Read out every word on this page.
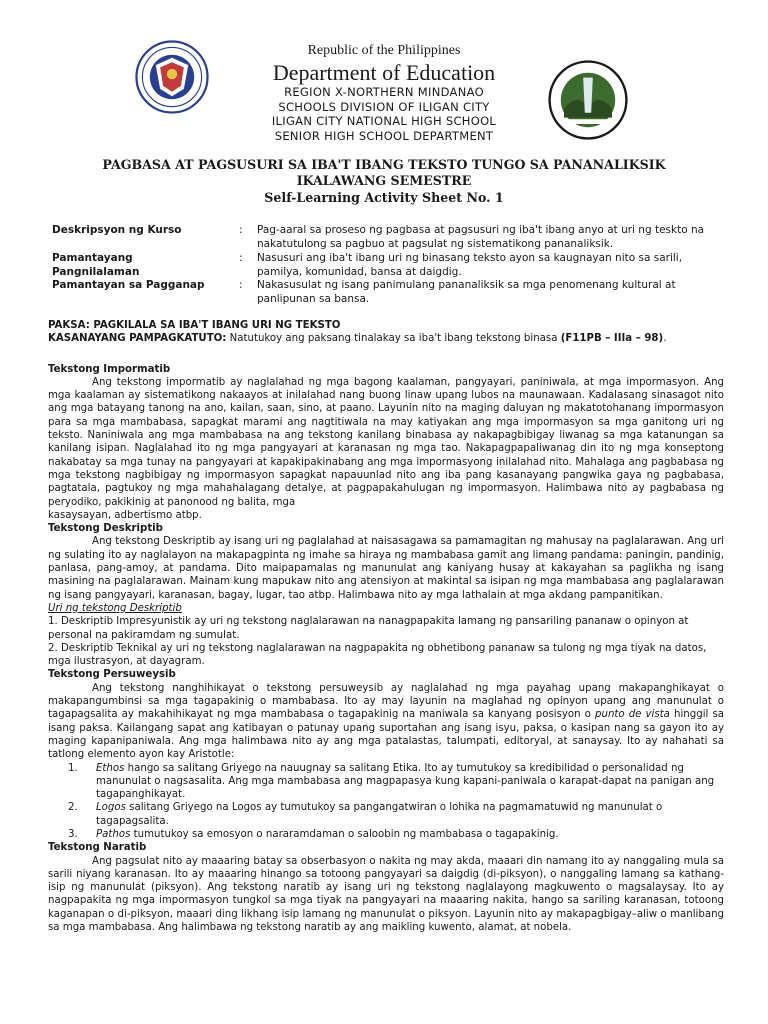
Republic of the Philippines
Department of Education
REGION X-NORTHERN MINDANAO
SCHOOLS DIVISION OF ILIGAN CITY
ILIGAN CITY NATIONAL HIGH SCHOOL
SENIOR HIGH SCHOOL DEPARTMENT
PAGBASA AT PAGSUSURI SA IBA'T IBANG TEKSTO TUNGO SA PANANALIKSIK
IKALAWANG SEMESTRE
Self-Learning Activity Sheet No. 1
Deskripsyon ng Kurso	: Pag-aaral sa proseso ng pagbasa at pagsusuri ng iba't ibang anyo at uri ng teskto na nakatutulong sa pagbuo at pagsulat ng sistematikong pananaliksik.
Pamantayang Pangnilalaman
: Nasusuri ang iba't ibang uri ng binasang teksto ayon sa kaugnayan nito sa sarili, pamilya, komunidad, bansa at daigdig.
Pamantayan sa Pagganap	: Nakasusulat ng isang panimulang pananaliksik sa mga penomenang kultural at panlipunan sa bansa.

PAKSA: PAGKILALA SA IBA'T IBANG URI NG TEKSTO

KASANAYANG PAMPAGKATUTO: Natutukoy ang paksang tinalakay sa iba't ibang tekstong binasa (F11PB – IIIa – 98).

Tekstong Impormatib

Ang tekstong impormatib ay naglalahad ng mga bagong kaalaman, pangyayari, paniniwala, at mga impormasyon. Ang mga kaalaman ay sistematikong nakaayos at inilalahad nang buong linaw upang lubos na maunawaan. Kadalasang sinasagot nito ang mga batayang tanong na ano, kailan, saan, sino, at paano. Layunin nito na maging daluyan ng makatotohanang impormasyon para sa mga mambabasa, sapagkat marami ang nagtitiwala na may katiyakan ang mga impormasyon sa mga ganitong uri ng teksto. Naniniwala ang mga mambabasa na ang tekstong kanilang binabasa ay nakapagbibigay liwanag sa mga katanungan sa kanilang isipan. Naglalahad ito ng mga pangyayari at karanasan ng mga tao. Nakapagpapaliwanag din ito ng mga konseptong nakabatay sa mga tunay na pangyayari at kapakipakinabang ang mga impormasyong inilalahad nito. Mahalaga ang pagbabasa ng mga tekstong nagbibigay ng impormasyon sapagkat napauunlad nito ang iba pang kasanayang pangwika gaya ng pagbabasa, pagtatala, pagtukoy ng mga mahahalagang detalye, at pagpapakahulugan ng impormasyon. Halimbawa nito ay pagbabasa ng peryodiko, pakikinig at panonood ng balita, mga

kasaysayan, adbertismo atbp.

Tekstong Deskriptib

Ang tekstong Deskriptib ay isang uri ng paglalahad at naisasagawa sa pamamagitan ng mahusay na paglalarawan. Ang uri ng sulating ito ay naglalayon na makapagpinta ng imahe sa hiraya ng mambabasa gamit ang limang pandama: paningin, pandinig, panlasa, pang-amoy, at pandama. Dito maipapamalas ng manunulat ang kaniyang husay at kakayahan sa paglikha ng isang masining na paglalarawan. Mainam kung mapukaw nito ang atensiyon at makintal sa isipan ng mga mambabasa ang paglalarawan ng isang pangyayari, karanasan, bagay, lugar, tao atbp. Halimbawa nito ay mga lathalain at mga akdang pampanitikan.

Uri ng tekstong Deskriptib

1. Deskriptib Impresyunistik ay uri ng tekstong naglalarawan na nanagpapakita lamang ng pansariling pananaw o opinyon at personal na pakiramdam ng sumulat.

2. Deskriptib Teknikal ay uri ng tekstong naglalarawan na nagpapakita ng obhetibong pananaw sa tulong ng mga tiyak na datos, mga ilustrasyon, at dayagram.

Tekstong Persuweysib

Ang tekstong nanghihikayat o tekstong persuweysib ay naglalahad ng mga payahag upang makapanghikayat o makapangumbinsi sa mga tagapakinig o mambabasa. Ito ay may layunin na maglahad ng opinyon upang ang manunulat o tagapagsalita ay makahihikayat ng mga mambabasa o tagapakinig na maniwala sa kanyang posisyon o punto de vista hinggil sa isang paksa. Kailangang sapat ang katibayan o patunay upang suportahan ang isang isyu, paksa, o kasipan nang sa gayon ito ay maging kapanipaniwala. Ang mga halimbawa nito ay ang mga patalastas, talumpati, editoryal, at sanaysay. Ito ay nahahati sa tatlong elemento ayon kay Aristotle:

1. Ethos hango sa salitang Griyego na nauugnay sa salitang Etika. Ito ay tumutukoy sa kredibilidad o personalidad ng manunulat o nagsasalita. Ang mga mambabasa ang magpapasya kung kapani-paniwala o karapat-dapat na panigan ang tagapanghikayat.
2. Logos salitang Griyego na Logos ay tumutukoy sa pangangatwiran o lohika na pagmamatuwid ng manunulat o tagapagsalita.
3. Pathos tumutukoy sa emosyon o nararamdaman o saloobin ng mambabasa o tagapakinig.

Tekstong Naratib

Ang pagsulat nito ay maaaring batay sa obserbasyon o nakita ng may akda, maaari din namang ito ay nanggaling mula sa sarili niyang karanasan. Ito ay maaaring hinango sa totoong pangyayari sa daigdig (di-piksyon), o nanggaling lamang sa kathang-isip ng manunulat (piksyon). Ang tekstong naratib ay isang uri ng tekstong naglalayong magkuwento o magsalaysay. Ito ay nagpapakita ng mga impormasyon tungkol sa mga tiyak na pangyayari na maaaring nakita, hango sa sariling karanasan, totoong kaganapan o di-piksyon, maaari ding likhang isip lamang ng manunulat o piksyon. Layunin nito ay makapagbigay–aliw o manlibang sa mga mambabasa. Ang halimbawa ng tekstong naratib ay ang maikling kuwento, alamat, at nobela.
